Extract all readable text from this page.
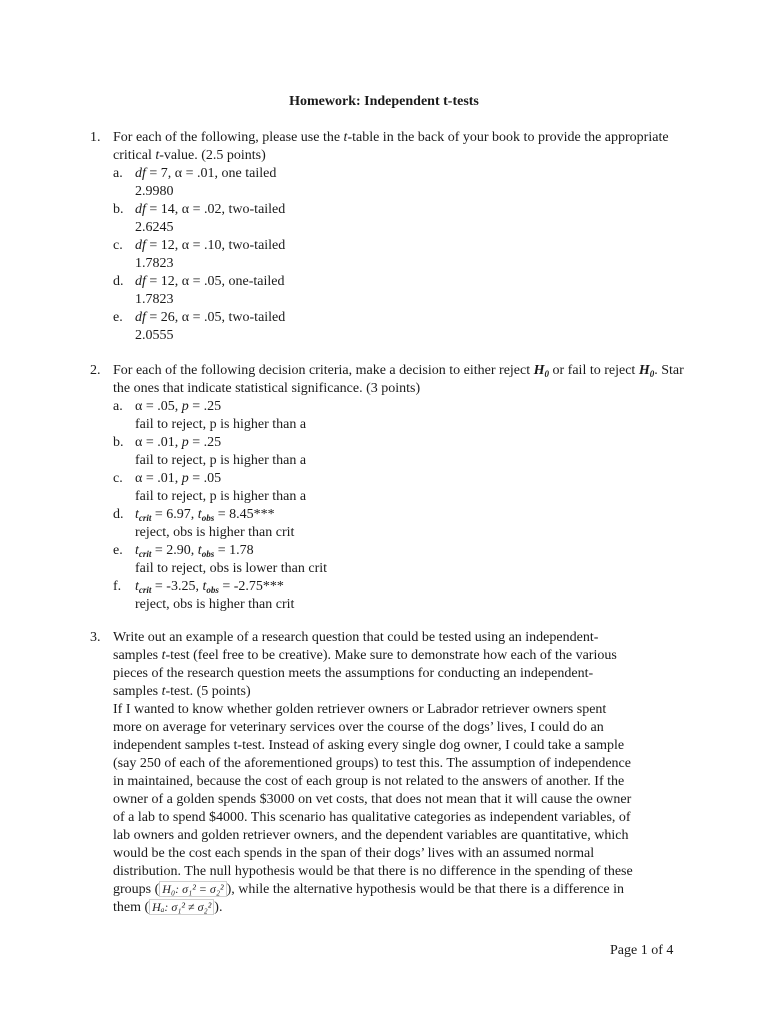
Homework: Independent t-tests
1. For each of the following, please use the t-table in the back of your book to provide the appropriate critical t-value. (2.5 points)
a. df = 7, α = .01, one tailed
2.9980
b. df = 14, α = .02, two-tailed
2.6245
c. df = 12, α = .10, two-tailed
1.7823
d. df = 12, α = .05, one-tailed
1.7823
e. df = 26, α = .05, two-tailed
2.0555
2. For each of the following decision criteria, make a decision to either reject $H_0$ or fail to reject $H_0$. Star the ones that indicate statistical significance. (3 points)
a. α = .05, p = .25
fail to reject, p is higher than a
b. α = .01, p = .25
fail to reject, p is higher than a
c. α = .01, p = .05
fail to reject, p is higher than a
d. $t_{crit} = 6.97$, $t_{obs} = 8.45***$
reject, obs is higher than crit
e. $t_{crit} = 2.90$, $t_{obs} = 1.78$
fail to reject, obs is lower than crit
f. $t_{crit} = -3.25$, $t_{obs} = -2.75***$
reject, obs is higher than crit
3. Write out an example of a research question that could be tested using an independent-
samples t-test (feel free to be creative). Make sure to demonstrate how each of the various
pieces of the research question meets the assumptions for conducting an independent-
samples t-test. (5 points)
If I wanted to know whether golden retriever owners or Labrador retriever owners spent
more on average for veterinary services over the course of the dogs’ lives, I could do an
independent samples t-test. Instead of asking every single dog owner, I could take a sample
(say 250 of each of the aforementioned groups) to test this. The assumption of independence
in maintained, because the cost of each group is not related to the answers of another. If the
owner of a golden spends $3000 on vet costs, that does not mean that it will cause the owner
of a lab to spend $4000. This scenario has qualitative categories as independent variables, of
lab owners and golden retriever owners, and the dependent variables are quantitative, which
would be the cost each spends in the span of their dogs’ lives with an assumed normal
distribution. The null hypothesis would be that there is no difference in the spending of these
groups ( H₀: σ₁² = σ₂² ), while the alternative hypothesis would be that there is a difference in
them ( Hₐ: σ₁² ≠ σ₂² ).
Page 1 of 4
